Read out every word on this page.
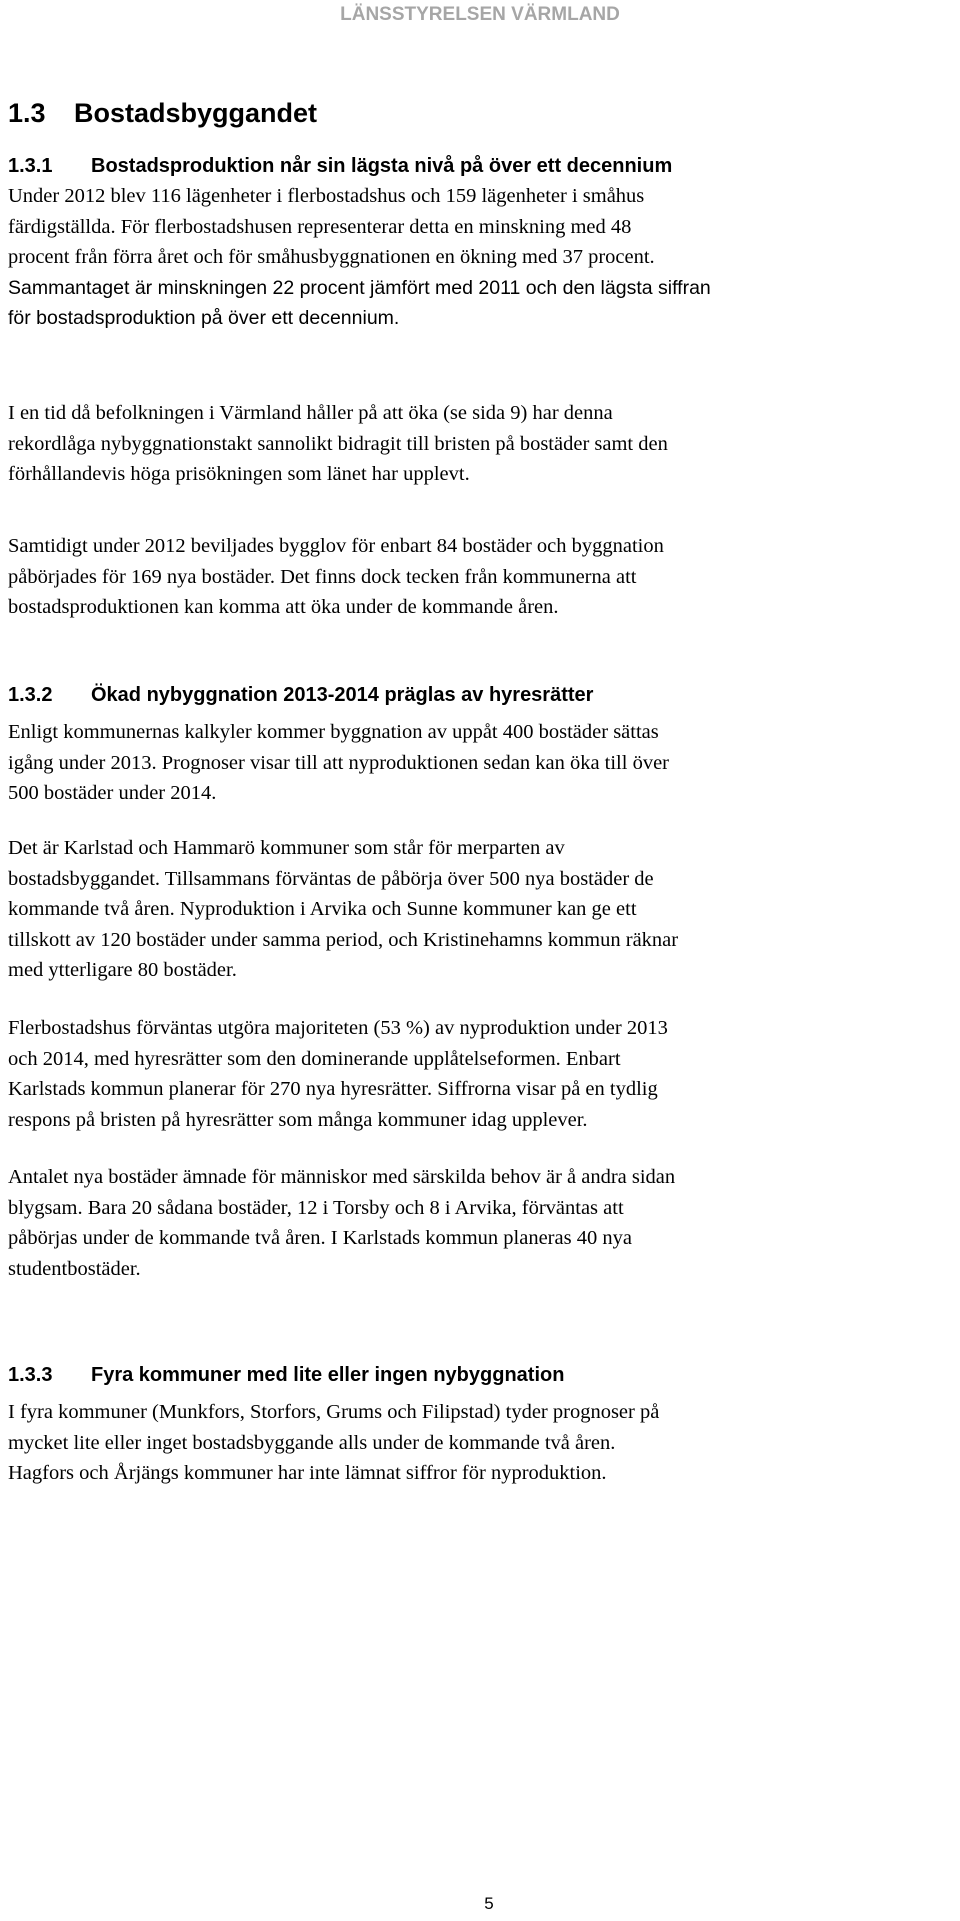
LÄNSSTYRELSEN VÄRMLAND
1.3 Bostadsbyggandet
1.3.1 Bostadsproduktion når sin lägsta nivå på över ett decennium
Under 2012 blev 116 lägenheter i flerbostadshus och 159 lägenheter i småhus
färdigställda. För flerbostadshusen representerar detta en minskning med 48
procent från förra året och för småhusbyggnationen en ökning med 37 procent.
Sammantaget är minskningen 22 procent jämfört med 2011 och den lägsta siffran
för bostadsproduktion på över ett decennium.
I en tid då befolkningen i Värmland håller på att öka (se sida 9) har denna
rekordlåga nybyggnationstakt sannolikt bidragit till bristen på bostäder samt den
förhållandevis höga prisökningen som länet har upplevt.
Samtidigt under 2012 beviljades bygglov för enbart 84 bostäder och byggnation
påbörjades för 169 nya bostäder. Det finns dock tecken från kommunerna att
bostadsproduktionen kan komma att öka under de kommande åren.
1.3.2 Ökad nybyggnation 2013-2014 präglas av hyresrätter
Enligt kommunernas kalkyler kommer byggnation av uppåt 400 bostäder sättas
igång under 2013. Prognoser visar till att nyproduktionen sedan kan öka till över
500 bostäder under 2014.
Det är Karlstad och Hammarö kommuner som står för merparten av
bostadsbyggandet. Tillsammans förväntas de påbörja över 500 nya bostäder de
kommande två åren. Nyproduktion i Arvika och Sunne kommuner kan ge ett
tillskott av 120 bostäder under samma period, och Kristinehamns kommun räknar
med ytterligare 80 bostäder.
Flerbostadshus förväntas utgöra majoriteten (53 %) av nyproduktion under 2013
och 2014, med hyresrätter som den dominerande upplåtelseformen. Enbart
Karlstads kommun planerar för 270 nya hyresrätter. Siffrorna visar på en tydlig
respons på bristen på hyresrätter som många kommuner idag upplever.
Antalet nya bostäder ämnade för människor med särskilda behov är å andra sidan
blygsam. Bara 20 sådana bostäder, 12 i Torsby och 8 i Arvika, förväntas att
påbörjas under de kommande två åren. I Karlstads kommun planeras 40 nya
studentbostäder.
1.3.3 Fyra kommuner med lite eller ingen nybyggnation
I fyra kommuner (Munkfors, Storfors, Grums och Filipstad) tyder prognoser på
mycket lite eller inget bostadsbyggande alls under de kommande två åren.
Hagfors och Årjängs kommuner har inte lämnat siffror för nyproduktion.
5
